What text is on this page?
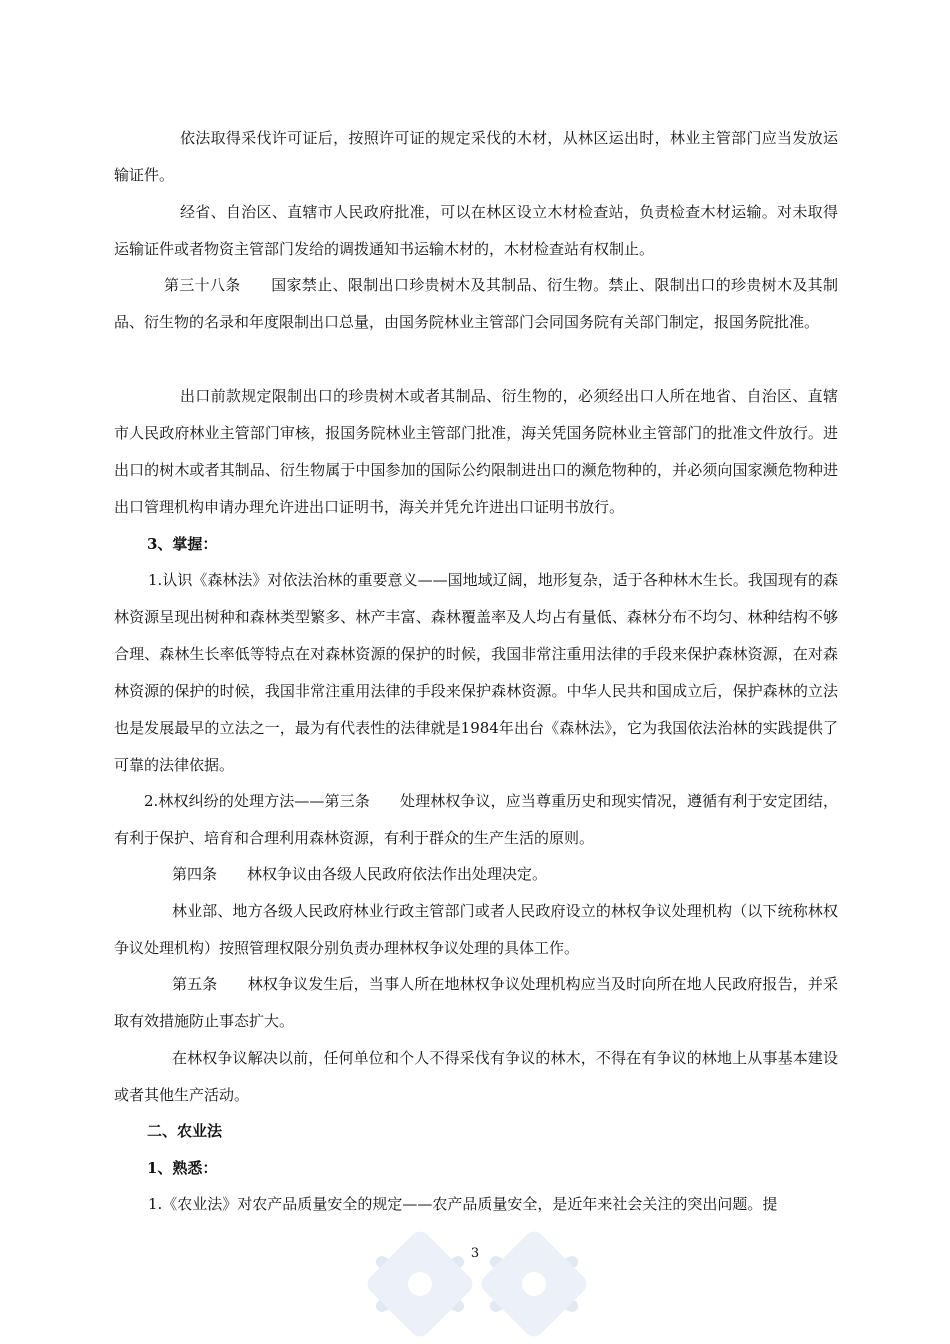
依法取得采伐许可证后，按照许可证的规定采伐的木材，从林区运出时，林业主管部门应当发放运输证件。

经省、自治区、直辖市人民政府批准，可以在林区设立木材检查站，负责检查木材运输。对未取得运输证件或者物资主管部门发给的调拨通知书运输木材的，木材检查站有权制止。

第三十八条　　国家禁止、限制出口珍贵树木及其制品、衍生物。禁止、限制出口的珍贵树木及其制品、衍生物的名录和年度限制出口总量，由国务院林业主管部门会同国务院有关部门制定，报国务院批准。

出口前款规定限制出口的珍贵树木或者其制品、衍生物的，必须经出口人所在地省、自治区、直辖市人民政府林业主管部门审核，报国务院林业主管部门批准，海关凭国务院林业主管部门的批准文件放行。进出口的树木或者其制品、衍生物属于中国参加的国际公约限制进出口的濒危物种的，并必须向国家濒危物种进出口管理机构申请办理允许进出口证明书，海关并凭允许进出口证明书放行。

3、掌握：

1.认识《森林法》对依法治林的重要意义——国地域辽阔，地形复杂，适于各种林木生长。我国现有的森林资源呈现出树种和森林类型繁多、林产丰富、森林覆盖率及人均占有量低、森林分布不均匀、林种结构不够合理、森林生长率低等特点在对森林资源的保护的时候，我国非常注重用法律的手段来保护森林资源，在对森林资源的保护的时候，我国非常注重用法律的手段来保护森林资源。中华人民共和国成立后，保护森林的立法也是发展最早的立法之一，最为有代表性的法律就是1984年出台《森林法》，它为我国依法治林的实践提供了可靠的法律依据。

2.林权纠纷的处理方法——第三条　　处理林权争议，应当尊重历史和现实情况，遵循有利于安定团结，有利于保护、培育和合理利用森林资源，有利于群众的生产生活的原则。

第四条　　林权争议由各级人民政府依法作出处理决定。

林业部、地方各级人民政府林业行政主管部门或者人民政府设立的林权争议处理机构（以下统称林权争议处理机构）按照管理权限分别负责办理林权争议处理的具体工作。

第五条　　林权争议发生后，当事人所在地林权争议处理机构应当及时向所在地人民政府报告，并采取有效措施防止事态扩大。

在林权争议解决以前，任何单位和个人不得采伐有争议的林木，不得在有争议的林地上从事基本建设或者其他生产活动。

二、农业法

1、熟悉：

1.《农业法》对农产品质量安全的规定——农产品质量安全，是近年来社会关注的突出问题。提

3
